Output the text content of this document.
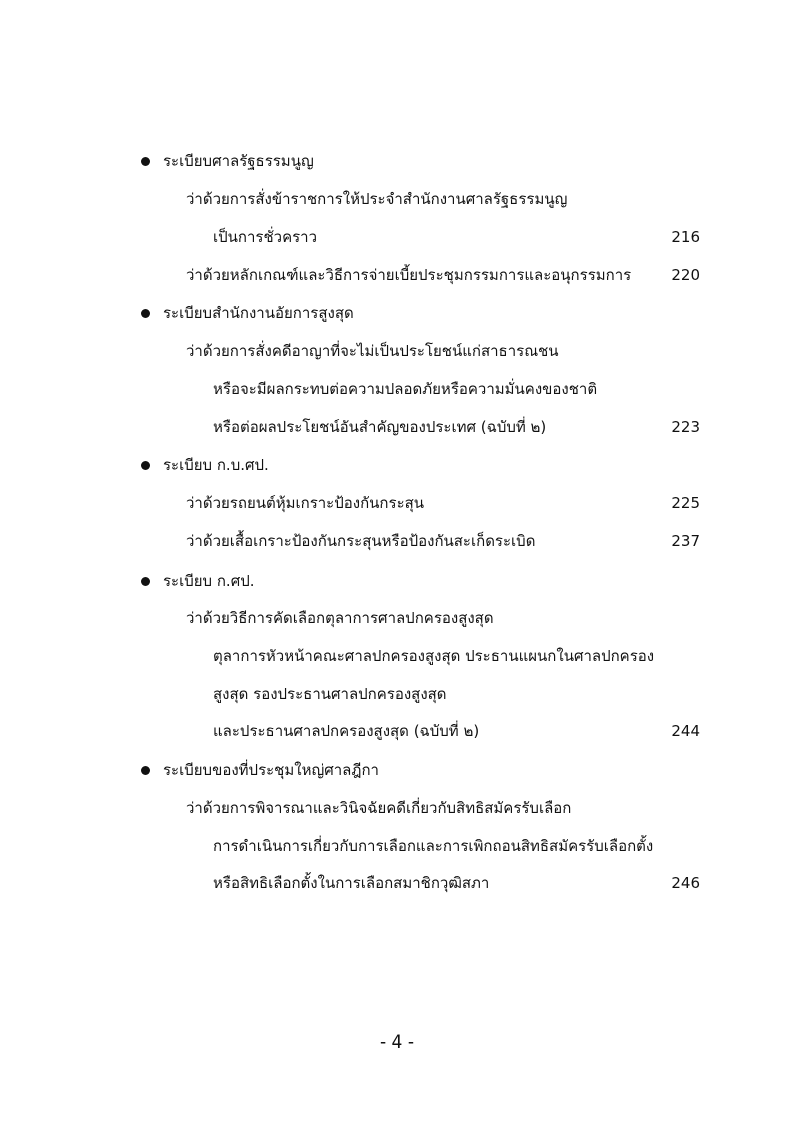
ระเบียบศาลรัฐธรรมนูญ
ว่าด้วยการสั่งข้าราชการให้ประจำสำนักงานศาลรัฐธรรมนูญ
เป็นการชั่วคราว	216
ว่าด้วยหลักเกณฑ์และวิธีการจ่ายเบี้ยประชุมกรรมการและอนุกรรมการ	220
ระเบียบสำนักงานอัยการสูงสุด
ว่าด้วยการสั่งคดีอาญาที่จะไม่เป็นประโยชน์แก่สาธารณชน
หรือจะมีผลกระทบต่อความปลอดภัยหรือความมั่นคงของชาติ
หรือต่อผลประโยชน์อันสำคัญของประเทศ (ฉบับที่ ๒)	223
ระเบียบ ก.บ.ศป.
ว่าด้วยรถยนต์หุ้มเกราะป้องกันกระสุน	225
ว่าด้วยเสื้อเกราะป้องกันกระสุนหรือป้องกันสะเก็ดระเบิด	237
ระเบียบ ก.ศป.
ว่าด้วยวิธีการคัดเลือกตุลาการศาลปกครองสูงสุด
ตุลาการหัวหน้าคณะศาลปกครองสูงสุด ประธานแผนกในศาลปกครอง
สูงสุด รองประธานศาลปกครองสูงสุด
และประธานศาลปกครองสูงสุด (ฉบับที่ ๒)	244
ระเบียบของที่ประชุมใหญ่ศาลฎีกา
ว่าด้วยการพิจารณาและวินิจฉัยคดีเกี่ยวกับสิทธิสมัครรับเลือก
การดำเนินการเกี่ยวกับการเลือกและการเพิกถอนสิทธิสมัครรับเลือกตั้ง
หรือสิทธิเลือกตั้งในการเลือกสมาชิกวุฒิสภา	246
- 4 -
